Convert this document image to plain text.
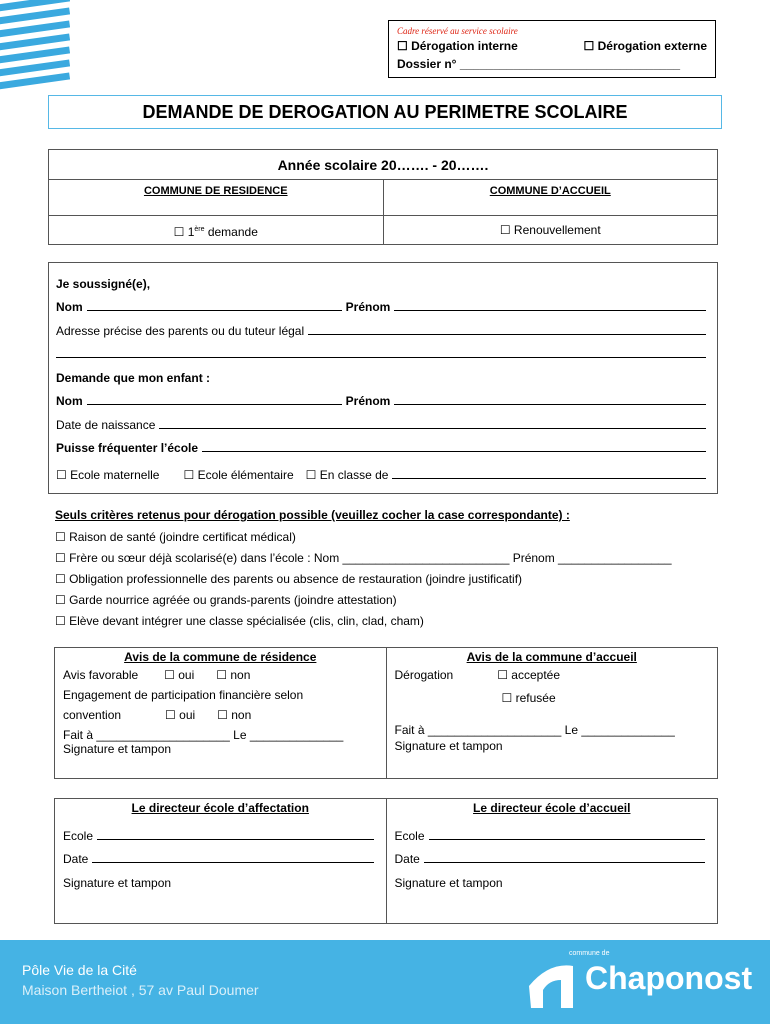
Cadre réservé au service scolaire
☐ Dérogation interne	☐ Dérogation externe
Dossier n° _________________________________
DEMANDE DE DEROGATION AU PERIMETRE SCOLAIRE
Année scolaire 20……. - 20…….
COMMUNE DE RESIDENCE	COMMUNE D’ACCUEIL
☐ 1ère demande	☐ Renouvellement
Je soussigné(e),
Nom	Prénom
Adresse précise des parents ou du tuteur légal
Demande que mon enfant :
Nom	Prénom
Date de naissance
Puisse fréquenter l’école
☐ Ecole maternelle ☐ Ecole élémentaire ☐ En classe de
Seuls critères retenus pour dérogation possible (veuillez cocher la case correspondante) :
☐ Raison de santé (joindre certificat médical)
☐ Frère ou sœur déjà scolarisé(e) dans l’école : Nom _________________________ Prénom _________________
☐ Obligation professionnelle des parents ou absence de restauration (joindre justificatif)
☐ Garde nourrice agréée ou grands-parents (joindre attestation)
☐ Elève devant intégrer une classe spécialisée (clis, clin, clad, cham)
Avis de la commune de résidence
Avis favorable ☐ oui ☐ non
Engagement de participation financière selon
convention	☐ oui ☐ non
Fait à ____________________ Le ______________
Signature et tampon
Avis de la commune d’accueil
Dérogation	☐ acceptée
☐ refusée
Fait à ____________________ Le ______________
Signature et tampon
Le directeur école d’affectation
Ecole
Date
Signature et tampon
Le directeur école d’accueil
Ecole
Date
Signature et tampon
Pôle Vie de la Cité
Maison Bertheiot , 57 av Paul Doumer
commune de
Chaponost
